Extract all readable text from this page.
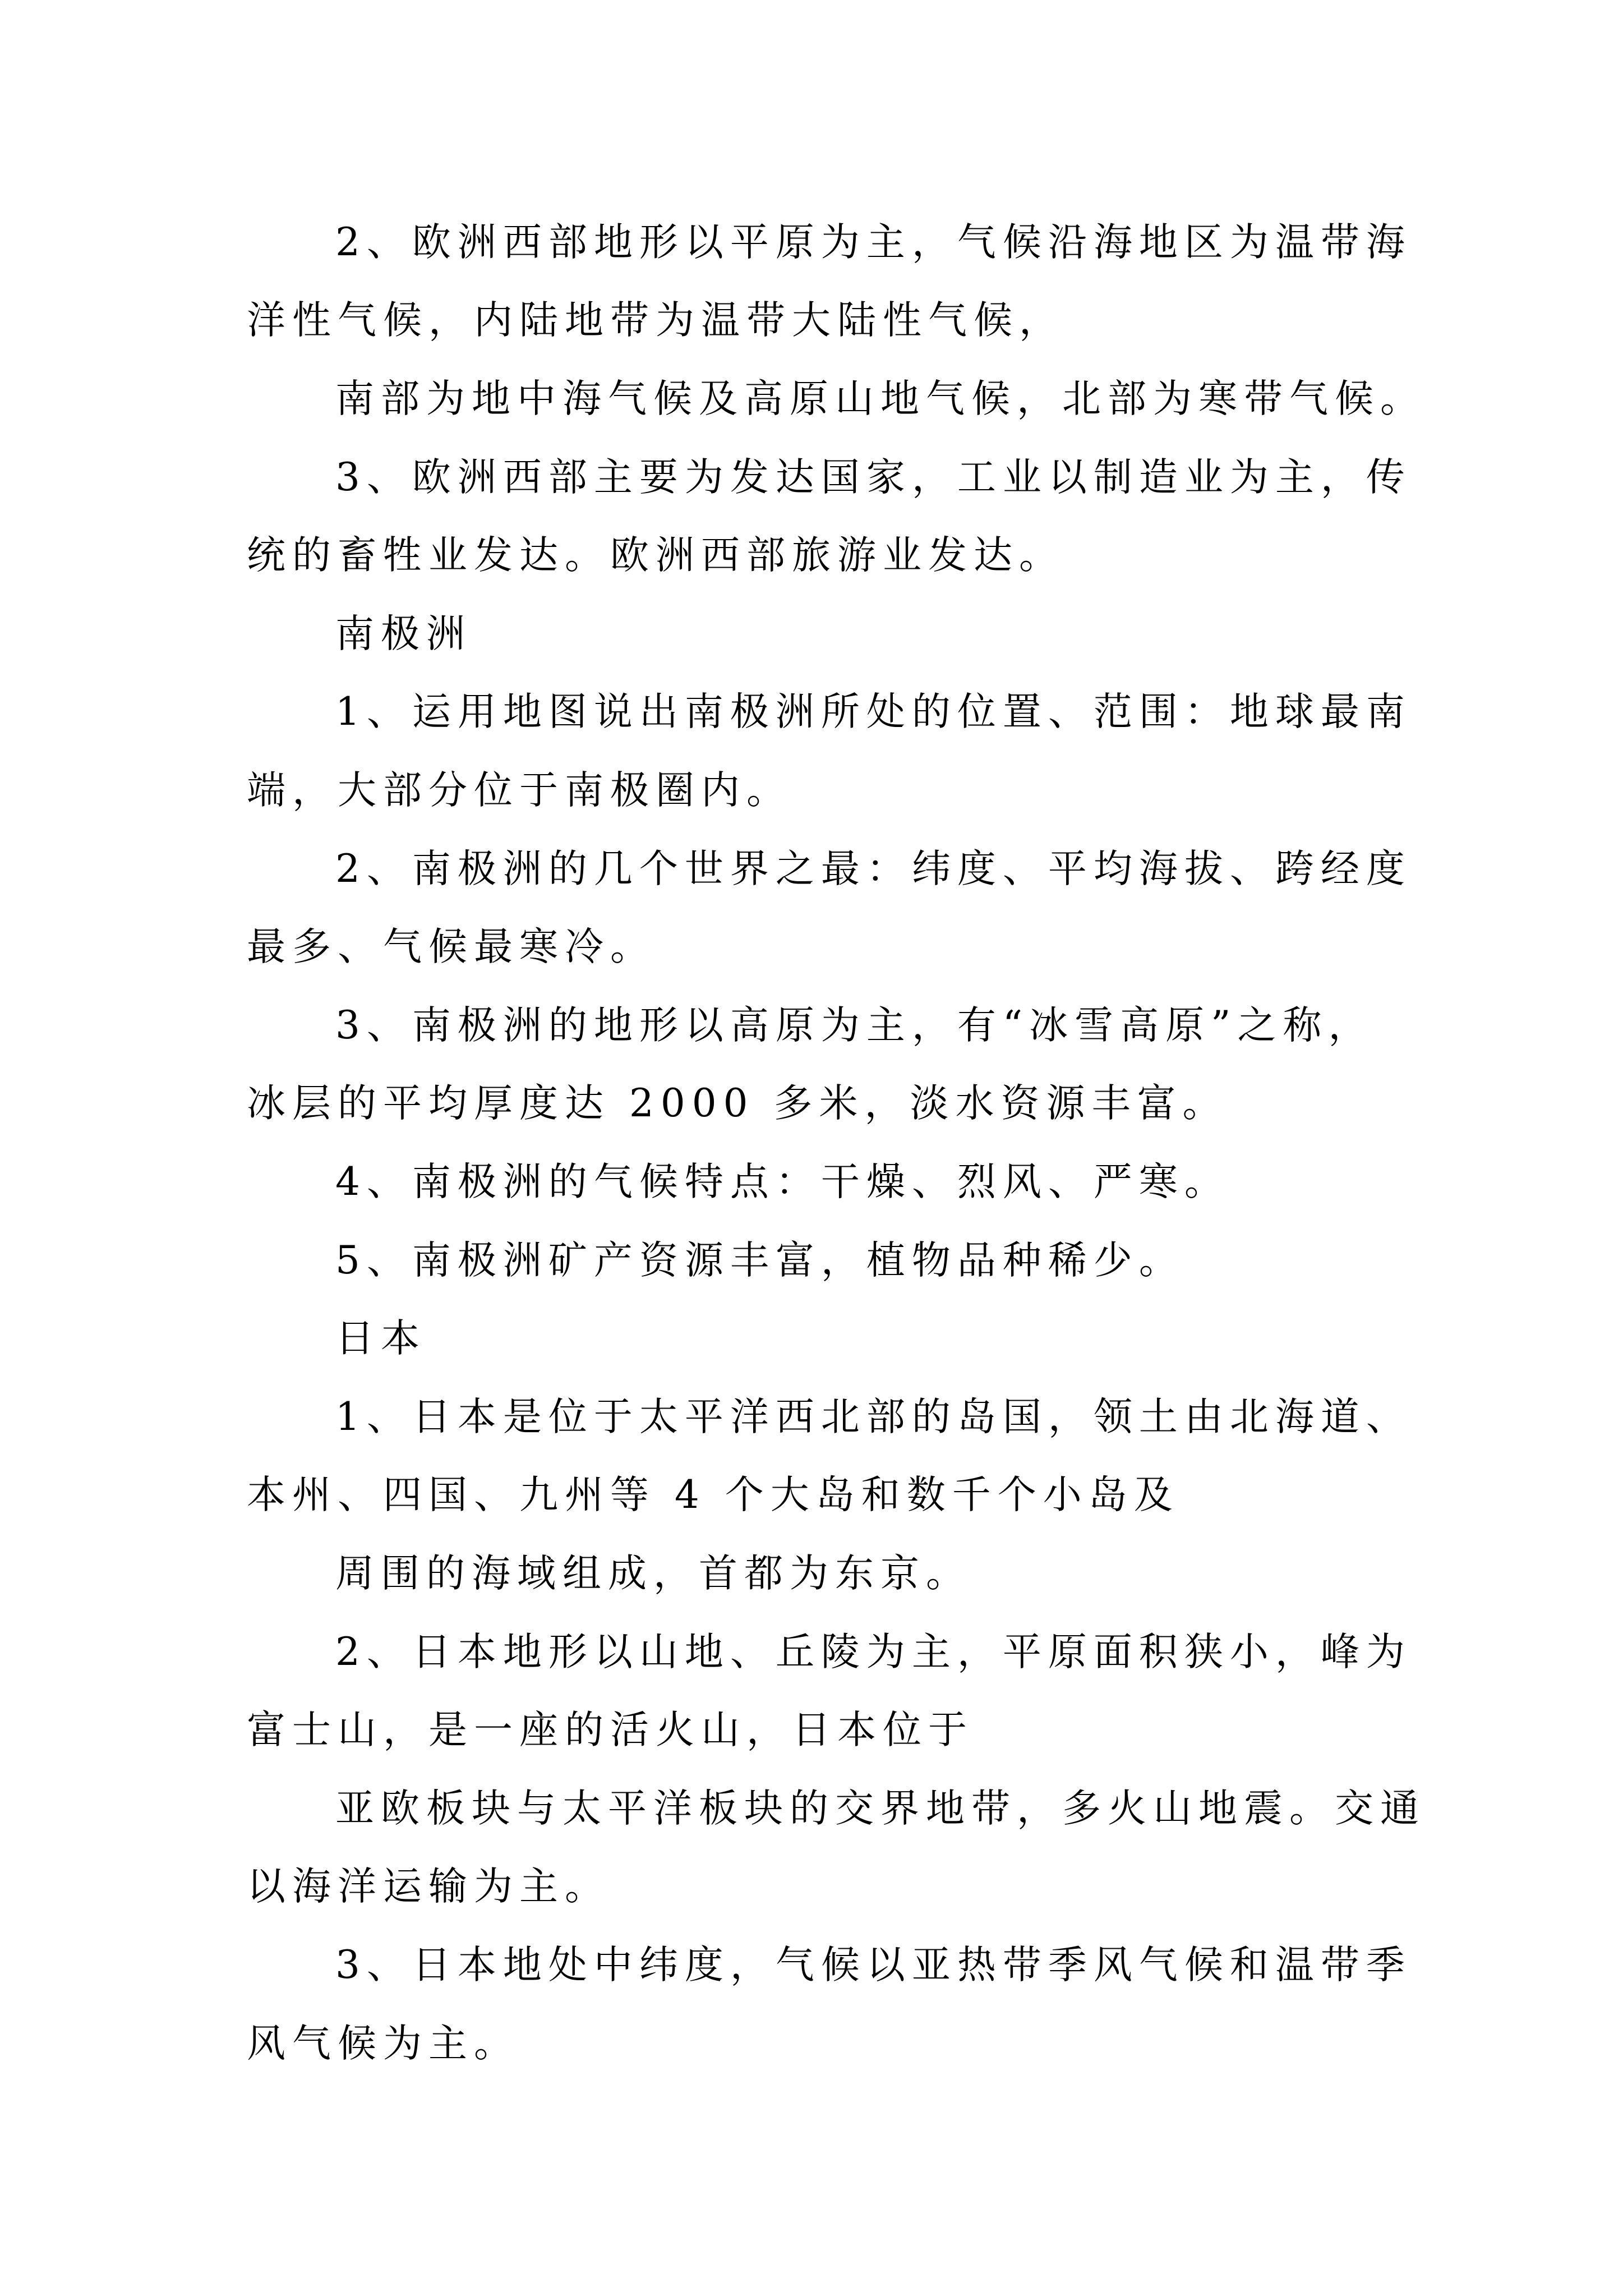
2、欧洲西部地形以平原为主，气候沿海地区为温带海
洋性气候，内陆地带为温带大陆性气候，
南部为地中海气候及高原山地气候，北部为寒带气候。
3、欧洲西部主要为发达国家，工业以制造业为主，传
统的畜牲业发达。欧洲西部旅游业发达。
南极洲
1、运用地图说出南极洲所处的位置、范围：地球最南
端，大部分位于南极圈内。
2、南极洲的几个世界之最：纬度、平均海拔、跨经度
最多、气候最寒冷。
3、南极洲的地形以高原为主，有“冰雪高原”之称，
冰层的平均厚度达 2000 多米，淡水资源丰富。
4、南极洲的气候特点：干燥、烈风、严寒。
5、南极洲矿产资源丰富，植物品种稀少。
日本
1、日本是位于太平洋西北部的岛国，领土由北海道、
本州、四国、九州等 4 个大岛和数千个小岛及
周围的海域组成，首都为东京。
2、日本地形以山地、丘陵为主，平原面积狭小，峰为
富士山，是一座的活火山，日本位于
亚欧板块与太平洋板块的交界地带，多火山地震。交通
以海洋运输为主。
3、日本地处中纬度，气候以亚热带季风气候和温带季
风气候为主。
